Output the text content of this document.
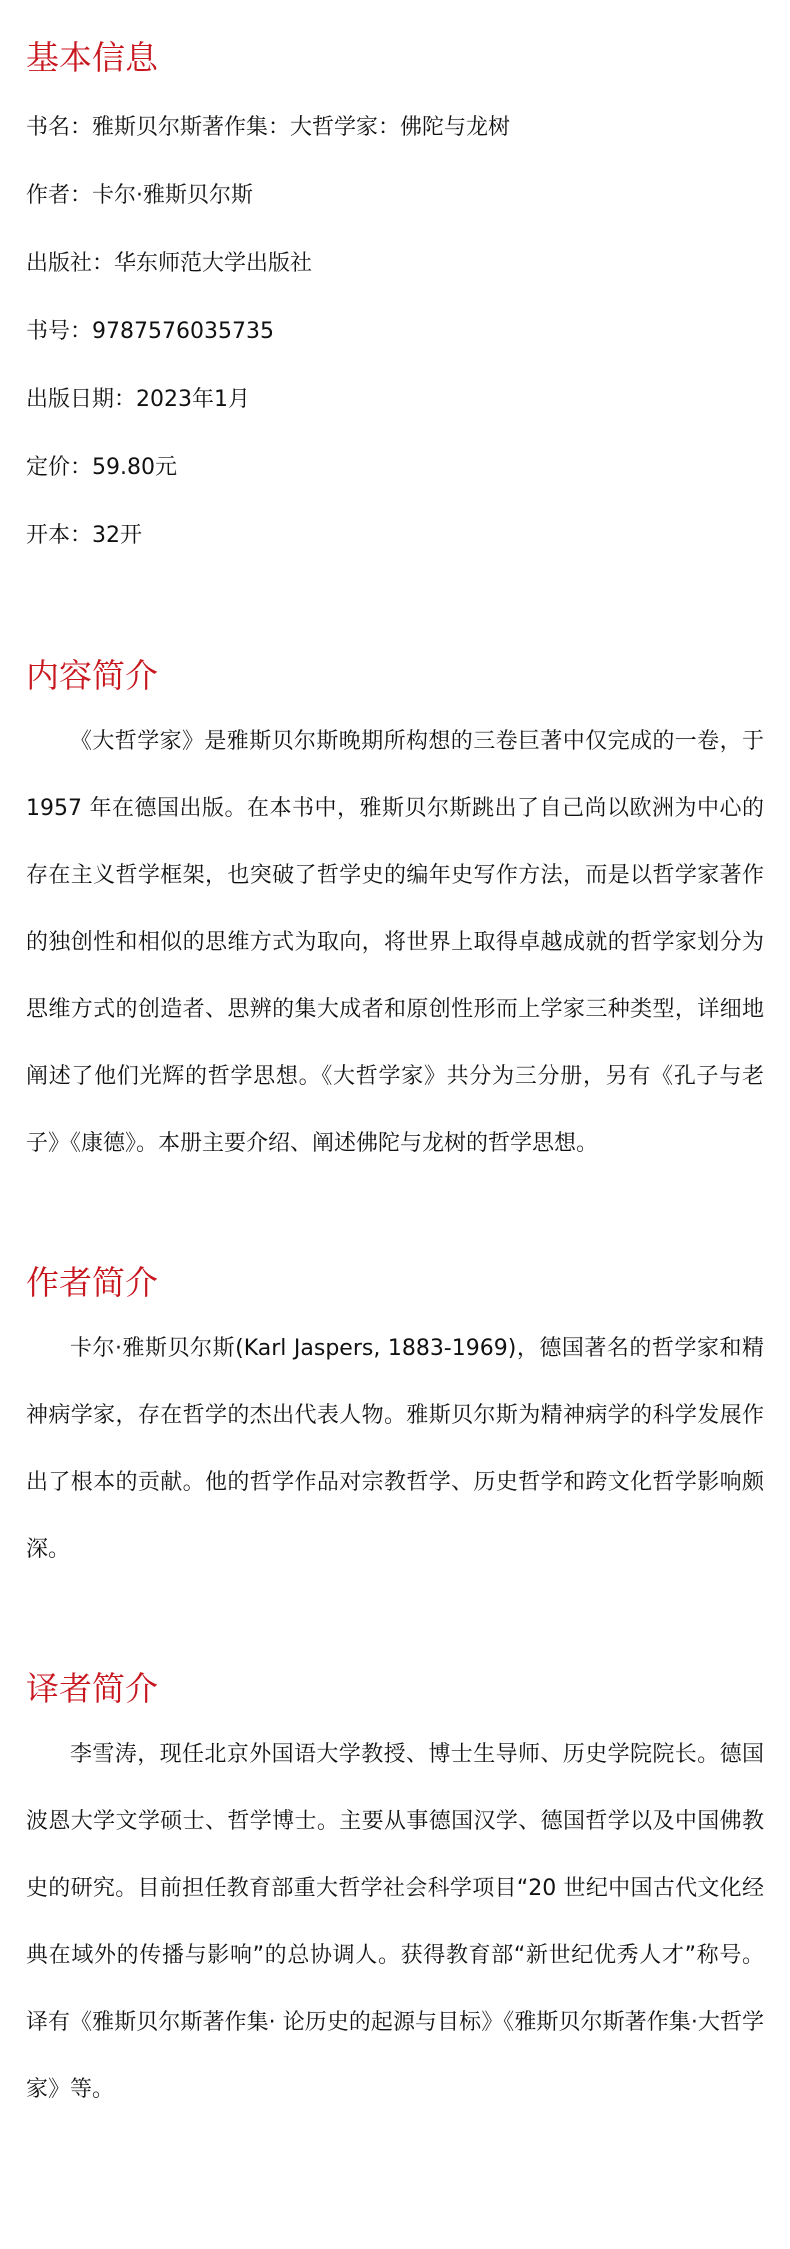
基本信息
书名：雅斯贝尔斯著作集：大哲学家：佛陀与龙树
作者：卡尔·雅斯贝尔斯
出版社：华东师范大学出版社
书号：9787576035735
出版日期：2023年1月
定价：59.80元
开本：32开
内容简介

《大哲学家》是雅斯贝尔斯晚期所构想的三卷巨著中仅完成的一卷，于 1957 年在德国出版。在本书中，雅斯贝尔斯跳出了自己尚以欧洲为中心的存在主义哲学框架，也突破了哲学史的编年史写作方法，而是以哲学家著作的独创性和相似的思维方式为取向，将世界上取得卓越成就的哲学家划分为思维方式的创造者、思辨的集大成者和原创性形而上学家三种类型，详细地阐述了他们光辉的哲学思想。《大哲学家》共分为三分册，另有《孔子与老子》《康德》。本册主要介绍、阐述佛陀与龙树的哲学思想。

作者简介

卡尔·雅斯贝尔斯(Karl Jaspers, 1883-1969)，德国著名的哲学家和精神病学家，存在哲学的杰出代表人物。雅斯贝尔斯为精神病学的科学发展作出了根本的贡献。他的哲学作品对宗教哲学、历史哲学和跨文化哲学影响颇深。

译者简介

李雪涛，现任北京外国语大学教授、博士生导师、历史学院院长。德国波恩大学文学硕士、哲学博士。主要从事德国汉学、德国哲学以及中国佛教史的研究。目前担任教育部重大哲学社会科学项目“20 世纪中国古代文化经典在域外的传播与影响”的总协调人。获得教育部“新世纪优秀人才”称号。译有《雅斯贝尔斯著作集· 论历史的起源与目标》《雅斯贝尔斯著作集·大哲学家》等。
